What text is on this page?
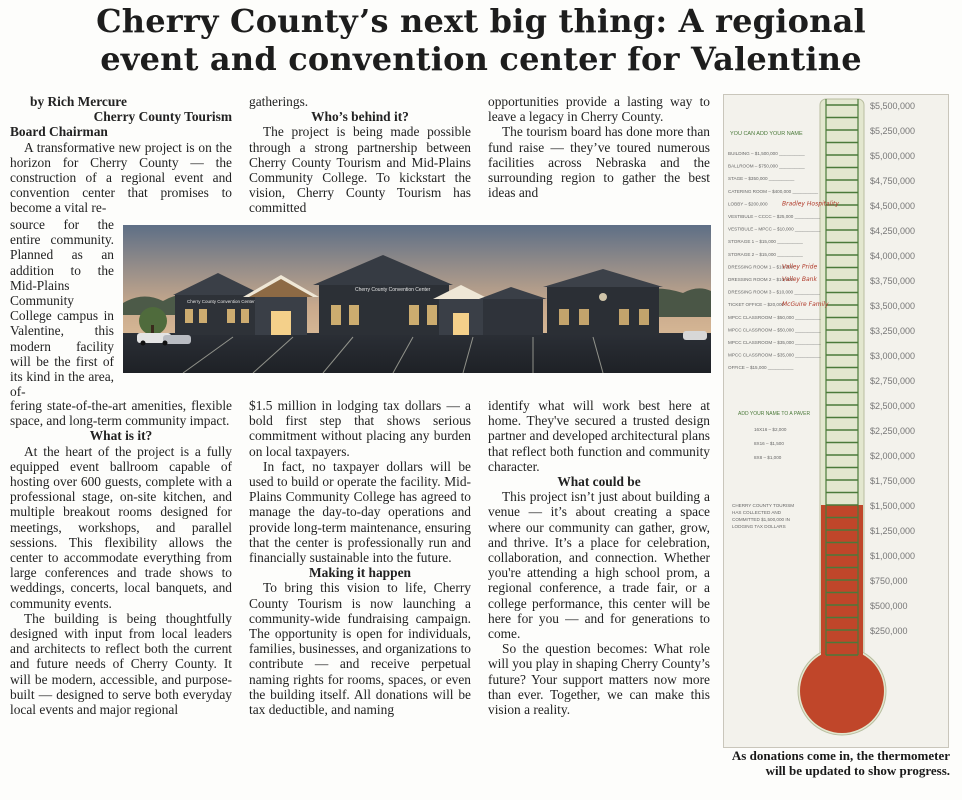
Cherry County’s next big thing: A regional
event and convention center for Valentine
by Rich Mercure
Cherry County Tourism
Board Chairman

A transformative new project is on the horizon for Cherry County — the construction of a regional event and convention center that promises to become a vital re-

source for the entire community. Planned as an addition to the Mid-Plains Community College campus in Valentine, this modern facility will be the first of its kind in the area, of-

fering state-of-the-art amenities, flexible space, and long-term community impact.

What is it?

At the heart of the project is a fully equipped event ballroom capable of hosting over 600 guests, complete with a professional stage, on-site kitchen, and multiple breakout rooms designed for meetings, workshops, and parallel sessions. This flexibility allows the center to accommodate everything from large conferences and trade shows to weddings, concerts, local banquets, and community events.

The building is being thoughtfully designed with input from local leaders and architects to reflect both the current and future needs of Cherry County. It will be modern, accessible, and purpose-built — designed to serve both everyday local events and major regional

gatherings.

Who’s behind it?

The project is being made possible through a strong partnership between Cherry County Tourism and Mid-Plains Community College. To kickstart the vision, Cherry County Tourism has committed

$1.5 million in lodging tax dollars — a bold first step that shows serious commitment without placing any burden on local taxpayers.

In fact, no taxpayer dollars will be used to build or operate the facility. Mid-Plains Community College has agreed to manage the day-to-day operations and provide long-term maintenance, ensuring that the center is professionally run and financially sustainable into the future.

Making it happen

To bring this vision to life, Cherry County Tourism is now launching a community-wide fundraising campaign. The opportunity is open for individuals, families, businesses, and organizations to contribute — and receive perpetual naming rights for rooms, spaces, or even the building itself. All donations will be tax deductible, and naming

opportunities provide a lasting way to leave a legacy in Cherry County.

The tourism board has done more than fund raise — they’ve toured numerous facilities across Nebraska and the surrounding region to gather the best ideas and

identify what will work best here at home. They've secured a trusted design partner and developed architectural plans that reflect both function and community character.

What could be

This project isn’t just about building a venue — it’s about creating a space where our community can gather, grow, and thrive. It’s a place for celebration, collaboration, and connection. Whether you're attending a high school prom, a regional conference, a trade fair, or a college performance, this center will be here for you — and for generations to come.

So the question becomes: What role will you play in shaping Cherry County’s future? Your support matters now more than ever. Together, we can make this vision a reality.

Cherry County Convention Center
Cherry County Convention Center
$5,500,000
$5,250,000
$5,000,000
$4,750,000
$4,500,000
$4,250,000
$4,000,000
$3,750,000
$3,500,000
$3,250,000
$3,000,000
$2,750,000
$2,500,000
$2,250,000
$2,000,000
$1,750,000
$1,500,000
$1,250,000
$1,000,000
$750,000
$500,000
$250,000
YOU CAN ADD YOUR NAME
BUILDING – $1,500,000 __________
BALLROOM – $750,000 __________
STAGE – $350,000 __________
CATERING ROOM – $400,000 __________
LOBBY – $200,000 Bradley Hospitality
VESTIBULE – CCCC – $25,000 __________
VESTIBULE – MPCC – $10,000 __________
STORAGE 1 – $15,000 __________
STORAGE 2 – $15,000 __________
DRESSING ROOM 1 – $10,000
Valley Pride
DRESSING ROOM 2 – $10,000
Valley Bank
DRESSING ROOM 3 – $10,000 __________
TICKET OFFICE – $20,000
McGuire Family
MPCC CLASSROOM – $50,000 __________
MPCC CLASSROOM – $50,000 __________
MPCC CLASSROOM – $35,000 __________
MPCC CLASSROOM – $35,000 __________
OFFICE – $15,000 __________
ADD YOUR NAME TO A PAVER
16X16 – $2,000
8X16 – $1,500
8X8 – $1,000
CHERRY COUNTY TOURISM
HAS COLLECTED AND
COMMITTED $1,500,000 IN
LODGING TAX DOLLARS
As donations come in, the thermometer will be updated to show progress.
